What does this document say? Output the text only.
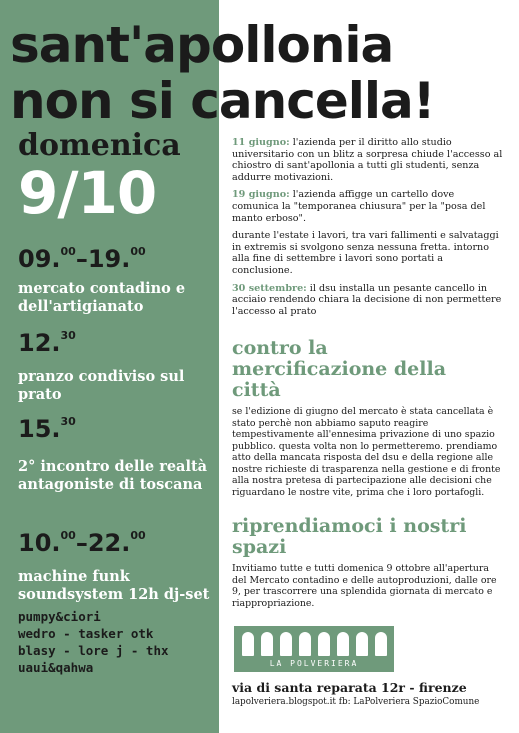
sant'apollonia
non si cancella!
domenica
9/10
09.00–19.00
mercato contadino e dell'artigianato
12.30
pranzo condiviso sul prato
15.30
2° incontro delle realtà antagoniste di toscana
10.00–22.00
machine funk soundsystem 12h dj-set
pumpy&ciori
wedro - tasker otk
blasy - lore j - thx
uaui&qahwa

11 giugno: l'azienda per il diritto allo studio universitario con un blitz a sorpresa chiude l'accesso al chiostro di sant'apollonia a tutti gli studenti, senza addurre motivazioni.

19 giugno: l'azienda affigge un cartello dove comunica la "temporanea chiusura" per la "posa del manto erboso".

durante l'estate i lavori, tra vari fallimenti e salvataggi in extremis si svolgono senza nessuna fretta. intorno alla fine di settembre i lavori sono portati a conclusione.

30 settembre: il dsu installa un pesante cancello in acciaio rendendo chiara la decisione di non permettere l'accesso al prato

contro la mercificazione della città

se l'edizione di giugno del mercato è stata cancellata è stato perchè non abbiamo saputo reagire tempestivamente all'ennesima privazione di uno spazio pubblico. questa volta non lo permetteremo. prendiamo atto della mancata risposta del dsu e della regione alle nostre richieste di trasparenza nella gestione e di fronte alla nostra pretesa di partecipazione alle decisioni che riguardano le nostre vite, prima che i loro portafogli.

riprendiamoci i nostri spazi

Invitiamo tutte e tutti domenica 9 ottobre all'apertura del Mercato contadino e delle autoproduzioni, dalle ore 9, per trascorrere una splendida giornata di mercato e riappropriazione.

LA POLVERIERA
via di santa reparata 12r - firenze
lapolveriera.blogspot.it fb: LaPolveriera SpazioComune
